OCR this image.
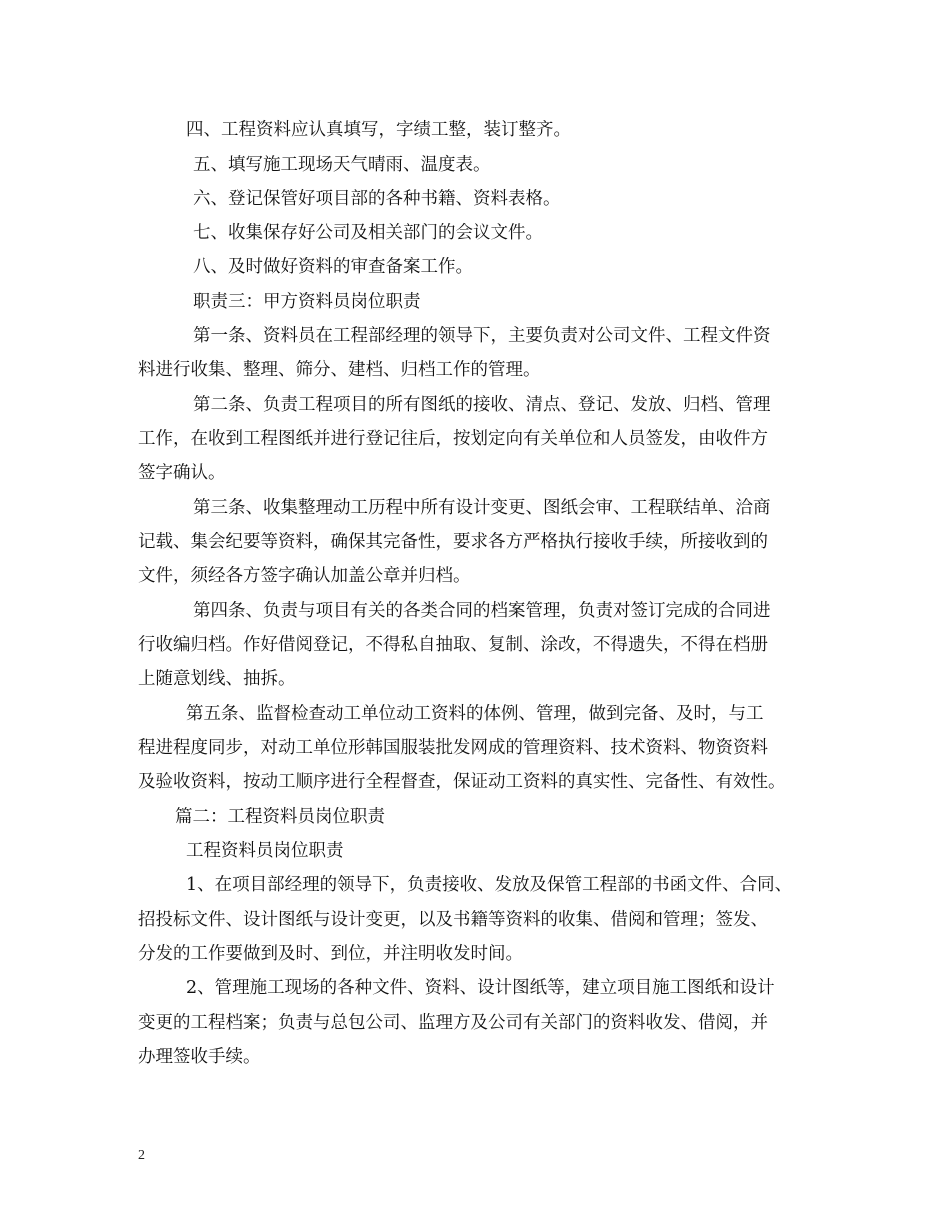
四、工程资料应认真填写，字绩工整，装订整齐。
五、填写施工现场天气晴雨、温度表。
六、登记保管好项目部的各种书籍、资料表格。
七、收集保存好公司及相关部门的会议文件。
八、及时做好资料的审查备案工作。
职责三：甲方资料员岗位职责
第一条、资料员在工程部经理的领导下，主要负责对公司文件、工程文件资
料进行收集、整理、筛分、建档、归档工作的管理。
第二条、负责工程项目的所有图纸的接收、清点、登记、发放、归档、管理
工作，在收到工程图纸并进行登记往后，按划定向有关单位和人员签发，由收件方
签字确认。
第三条、收集整理动工历程中所有设计变更、图纸会审、工程联结单、洽商
记载、集会纪要等资料，确保其完备性，要求各方严格执行接收手续，所接收到的
文件，须经各方签字确认加盖公章并归档。
第四条、负责与项目有关的各类合同的档案管理，负责对签订完成的合同进
行收编归档。作好借阅登记，不得私自抽取、复制、涂改，不得遗失，不得在档册
上随意划线、抽拆。
第五条、监督检查动工单位动工资料的体例、管理，做到完备、及时，与工
程进程度同步，对动工单位形韩国服装批发网成的管理资料、技术资料、物资资料
及验收资料，按动工顺序进行全程督查，保证动工资料的真实性、完备性、有效性。
篇二：工程资料员岗位职责
工程资料员岗位职责
1、在项目部经理的领导下，负责接收、发放及保管工程部的书函文件、合同、
招投标文件、设计图纸与设计变更，以及书籍等资料的收集、借阅和管理；签发、
分发的工作要做到及时、到位，并注明收发时间。
2、管理施工现场的各种文件、资料、设计图纸等，建立项目施工图纸和设计
变更的工程档案；负责与总包公司、监理方及公司有关部门的资料收发、借阅，并
办理签收手续。
2
